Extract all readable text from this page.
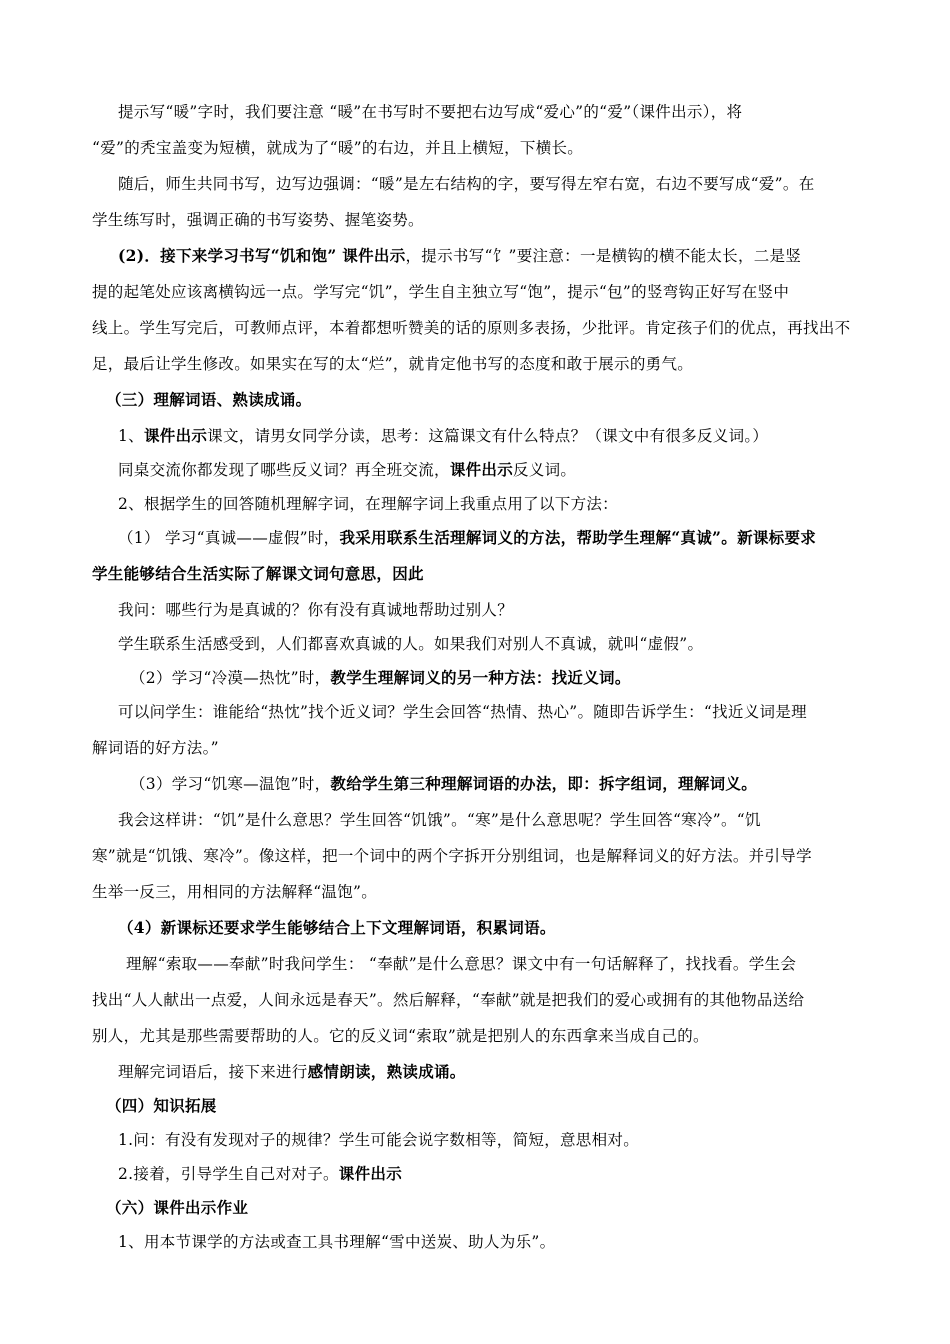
提示写“暖”字时，我们要注意 “暖”在书写时不要把右边写成“爱心”的“爱”（课件出示），将
“爱”的秃宝盖变为短横，就成为了“暖”的右边，并且上横短，下横长。
随后，师生共同书写，边写边强调：“暖”是左右结构的字，要写得左窄右宽，右边不要写成“爱”。在
学生练写时，强调正确的书写姿势、握笔姿势。
(2)．接下来学习书写“饥和饱” 课件出示，提示书写“饣”要注意：一是横钩的横不能太长，二是竖
提的起笔处应该离横钩远一点。学写完“饥”，学生自主独立写“饱”，提示“包”的竖弯钩正好写在竖中
线上。学生写完后，可教师点评，本着都想听赞美的话的原则多表扬，少批评。肯定孩子们的优点，再找出不
足，最后让学生修改。如果实在写的太“烂”，就肯定他书写的态度和敢于展示的勇气。
（三）理解词语、熟读成诵。
1、课件出示课文，请男女同学分读，思考：这篇课文有什么特点？（课文中有很多反义词。）
同桌交流你都发现了哪些反义词？再全班交流，课件出示反义词。
2、根据学生的回答随机理解字词，在理解字词上我重点用了以下方法：
（1） 学习“真诚——虚假”时，我采用联系生活理解词义的方法，帮助学生理解“真诚”。新课标要求
学生能够结合生活实际了解课文词句意思，因此
我问：哪些行为是真诚的？你有没有真诚地帮助过别人？
学生联系生活感受到，人们都喜欢真诚的人。如果我们对别人不真诚，就叫“虚假”。
（2）学习“冷漠—热忱”时，教学生理解词义的另一种方法：找近义词。
可以问学生：谁能给“热忱”找个近义词？学生会回答“热情、热心”。随即告诉学生：“找近义词是理
解词语的好方法。”
（3）学习“饥寒—温饱”时，教给学生第三种理解词语的办法，即：拆字组词，理解词义。
我会这样讲：“饥”是什么意思？学生回答“饥饿”。“寒”是什么意思呢？学生回答“寒冷”。“饥
寒”就是“饥饿、寒冷”。像这样，把一个词中的两个字拆开分别组词，也是解释词义的好方法。并引导学
生举一反三，用相同的方法解释“温饱”。
（4）新课标还要求学生能够结合上下文理解词语，积累词语。
理解“索取——奉献”时我问学生： “奉献”是什么意思？课文中有一句话解释了，找找看。学生会
找出“人人献出一点爱，人间永远是春天”。然后解释，“奉献”就是把我们的爱心或拥有的其他物品送给
别人，尤其是那些需要帮助的人。它的反义词“索取”就是把别人的东西拿来当成自己的。
理解完词语后，接下来进行感情朗读，熟读成诵。
（四）知识拓展
1.问：有没有发现对子的规律？学生可能会说字数相等，简短，意思相对。
2.接着，引导学生自己对对子。课件出示
（六）课件出示作业
1、用本节课学的方法或查工具书理解“雪中送炭、助人为乐”。
